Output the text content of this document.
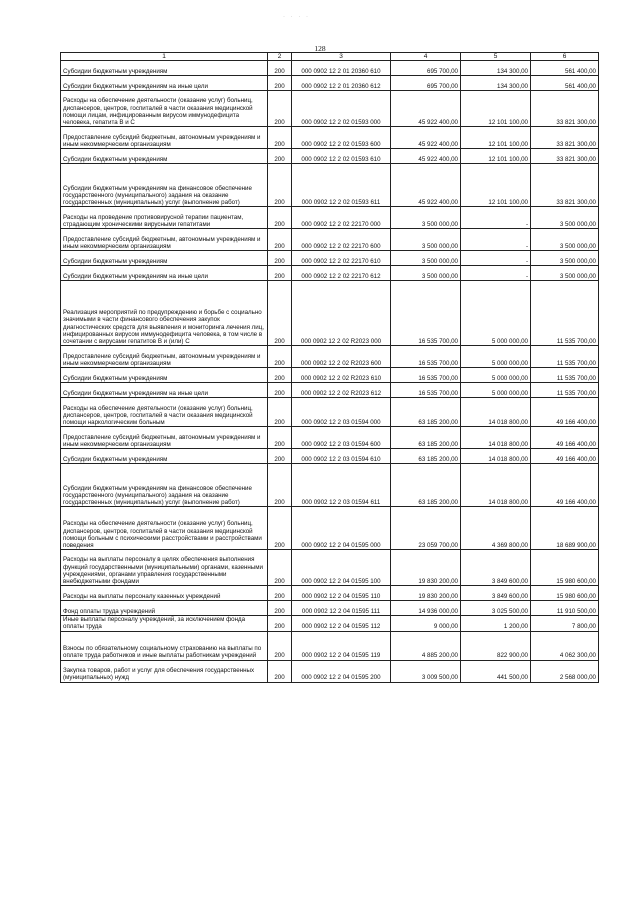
· · · ·
128
1	2	3	4	5	6
Субсидии бюджетным учреждениям	200	000 0902 12 2 01 20360 610	695 700,00	134 300,00	561 400,00
Субсидии бюджетным учреждениям на иные цели	200	000 0902 12 2 01 20360 612	695 700,00	134 300,00	561 400,00
Расходы на обеспечение деятельности (оказание услуг) больниц, диспансеров, центров, госпиталей в части оказания медицинской помощи лицам, инфицированным вирусом иммунодефицита человека, гепатита В и С	200	000 0902 12 2 02 01593 000	45 922 400,00	12 101 100,00	33 821 300,00
Предоставление субсидий бюджетным, автономным учреждениям и иным некоммерческим организациям	200	000 0902 12 2 02 01593 600	45 922 400,00	12 101 100,00	33 821 300,00
Субсидии бюджетным учреждениям	200	000 0902 12 2 02 01593 610	45 922 400,00	12 101 100,00	33 821 300,00
Субсидии бюджетным учреждениям на финансовое обеспечение государственного (муниципального) задания на оказание государственных (муниципальных) услуг (выполнение работ)	200	000 0902 12 2 02 01593 611	45 922 400,00	12 101 100,00	33 821 300,00
Расходы на проведение противовирусной терапии пациентам, страдающим хроническими вирусными гепатитами	200	000 0902 12 2 02 22170 000	3 500 000,00	-	3 500 000,00
Предоставление субсидий бюджетным, автономным учреждениям и иным некоммерческим организациям	200	000 0902 12 2 02 22170 600	3 500 000,00	-	3 500 000,00
Субсидии бюджетным учреждениям	200	000 0902 12 2 02 22170 610	3 500 000,00	-	3 500 000,00
Субсидии бюджетным учреждениям на иные цели	200	000 0902 12 2 02 22170 612	3 500 000,00	-	3 500 000,00
Реализация мероприятий по предупреждению и борьбе с социально значимыми в части финансового обеспечения закупок диагностических средств для выявления и мониторинга лечения лиц, инфицированных вирусом иммунодефицита человека, в том числе в сочетании с вирусами гепатитов В и (или) С	200	000 0902 12 2 02 R2023 000	16 535 700,00	5 000 000,00	11 535 700,00
Предоставление субсидий бюджетным, автономным учреждениям и иным некоммерческим организациям	200	000 0902 12 2 02 R2023 600	16 535 700,00	5 000 000,00	11 535 700,00
Субсидии бюджетным учреждениям	200	000 0902 12 2 02 R2023 610	16 535 700,00	5 000 000,00	11 535 700,00
Субсидии бюджетным учреждениям на иные цели	200	000 0902 12 2 02 R2023 612	16 535 700,00	5 000 000,00	11 535 700,00
Расходы на обеспечение деятельности (оказание услуг) больниц, диспансеров, центров, госпиталей в части оказания медицинской помощи наркологическим больным	200	000 0902 12 2 03 01594 000	63 185 200,00	14 018 800,00	49 166 400,00
Предоставление субсидий бюджетным, автономным учреждениям и иным некоммерческим организациям	200	000 0902 12 2 03 01594 600	63 185 200,00	14 018 800,00	49 166 400,00
Субсидии бюджетным учреждениям	200	000 0902 12 2 03 01594 610	63 185 200,00	14 018 800,00	49 166 400,00
Субсидии бюджетным учреждениям на финансовое обеспечение государственного (муниципального) задания на оказание государственных (муниципальных) услуг (выполнение работ)	200	000 0902 12 2 03 01594 611	63 185 200,00	14 018 800,00	49 166 400,00
Расходы на обеспечение деятельности (оказание услуг) больниц, диспансеров, центров, госпиталей в части оказания медицинской помощи больным с психическими расстройствами и расстройствами поведения	200	000 0902 12 2 04 01595 000	23 059 700,00	4 369 800,00	18 689 900,00
Расходы на выплаты персоналу в целях обеспечения выполнения функций государственными (муниципальными) органами, казенными учреждениями, органами управления государственными внебюджетными фондами	200	000 0902 12 2 04 01595 100	19 830 200,00	3 849 600,00	15 980 600,00
Расходы на выплаты персоналу казенных учреждений	200	000 0902 12 2 04 01595 110	19 830 200,00	3 849 600,00	15 980 600,00
Фонд оплаты труда учреждений	200	000 0902 12 2 04 01595 111	14 936 000,00	3 025 500,00	11 910 500,00
Иные выплаты персоналу учреждений, за исключением фонда оплаты труда	200	000 0902 12 2 04 01595 112	9 000,00	1 200,00	7 800,00
Взносы по обязательному социальному страхованию на выплаты по оплате труда работников и иные выплаты работникам учреждений	200	000 0902 12 2 04 01595 119	4 885 200,00	822 900,00	4 062 300,00
Закупка товаров, работ и услуг для обеспечения государственных (муниципальных) нужд	200	000 0902 12 2 04 01595 200	3 009 500,00	441 500,00	2 568 000,00
